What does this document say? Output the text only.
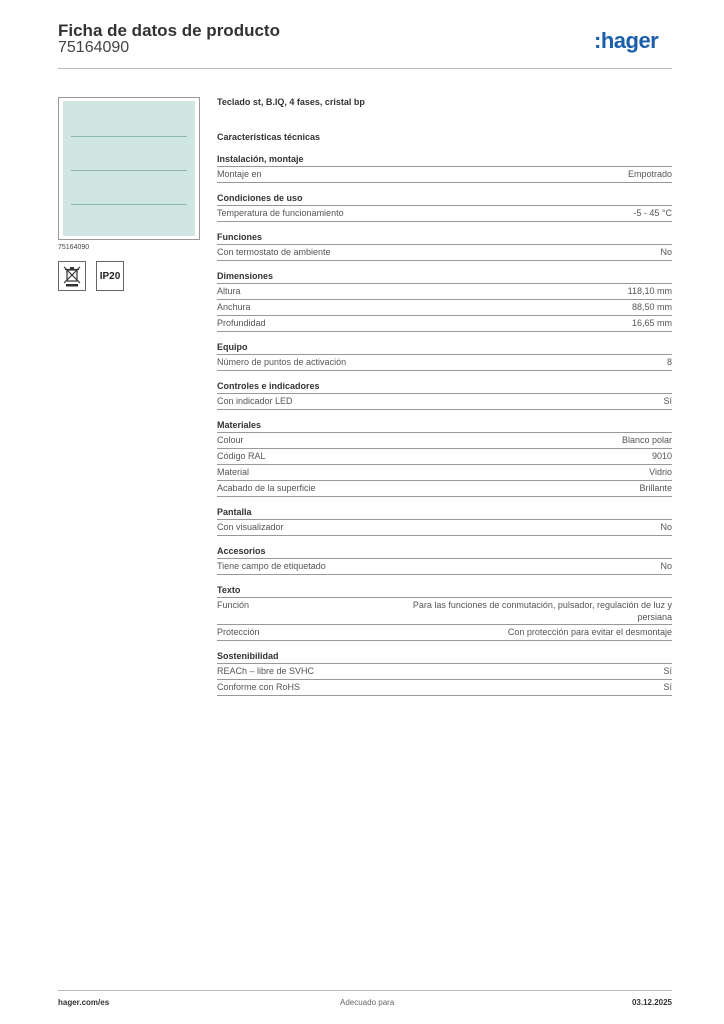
Ficha de datos de producto
75164090	:hager
75164090
IP20
Teclado st, B.IQ, 4 fases, cristal bp
Características técnicas
Instalación, montaje
Montaje en	Empotrado
Condiciones de uso
Temperatura de funcionamiento	-5 - 45 °C
Funciones
Con termostato de ambiente	No
Dimensiones
Altura	118,10 mm
Anchura	88,50 mm
Profundidad	16,65 mm
Equipo
Número de puntos de activación	8
Controles e indicadores
Con indicador LED	Sí
Materiales
Colour	Blanco polar
Código RAL	9010
Material	Vidrio
Acabado de la superficie	Brillante
Pantalla
Con visualizador	No
Accesorios
Tiene campo de etiquetado	No
Texto
Función	Para las funciones de conmutación, pulsador, regulación de luz y persiana
Protección	Con protección para evitar el desmontaje
Sostenibilidad
REACh – libre de SVHC	Sí
Conforme con RoHS	Sí
hager.com/es	Adecuado para	03.12.2025
